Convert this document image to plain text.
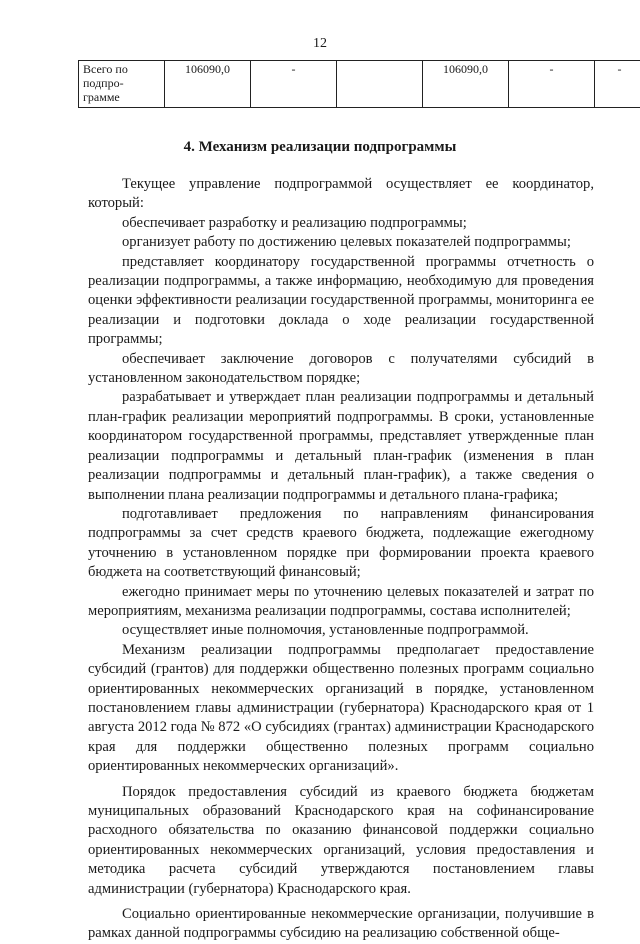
12
Всего по подпро-грамме	106090,0	-		106090,0	-	-
4. Механизм реализации подпрограммы

Текущее управление подпрограммой осуществляет ее координатор, который:

обеспечивает разработку и реализацию подпрограммы;

организует работу по достижению целевых показателей подпрограммы;

представляет координатору государственной программы отчетность о реализации подпрограммы, а также информацию, необходимую для проведения оценки эффективности реализации государственной программы, мониторинга ее реализации и подготовки доклада о ходе реализации государственной программы;

обеспечивает заключение договоров с получателями субсидий в установленном законодательством порядке;

разрабатывает и утверждает план реализации подпрограммы и детальный план-график реализации мероприятий подпрограммы. В сроки, установленные координатором государственной программы, представляет утвержденные план реализации подпрограммы и детальный план-график (изменения в план реализации подпрограммы и детальный план-график), а также сведения о выполнении плана реализации подпрограммы и детального плана-графика;

подготавливает предложения по направлениям финансирования подпрограммы за счет средств краевого бюджета, подлежащие ежегодному уточнению в установленном порядке при формировании проекта краевого бюджета на соответствующий финансовый;

ежегодно принимает меры по уточнению целевых показателей и затрат по мероприятиям, механизма реализации подпрограммы, состава исполнителей;

осуществляет иные полномочия, установленные подпрограммой.

Механизм реализации подпрограммы предполагает предоставление субсидий (грантов) для поддержки общественно полезных программ социально ориентированных некоммерческих организаций в порядке, установленном постановлением главы администрации (губернатора) Краснодарского края от 1 августа 2012 года № 872 «О субсидиях (грантах) администрации Краснодарского края для поддержки общественно полезных программ социально ориентированных некоммерческих организаций».

Порядок предоставления субсидий из краевого бюджета бюджетам муниципальных образований Краснодарского края на софинансирование расходного обязательства по оказанию финансовой поддержки социально ориентированных некоммерческих организаций, условия предоставления и методика расчета субсидий утверждаются постановлением главы администрации (губернатора) Краснодарского края.

Социально ориентированные некоммерческие организации, получившие в рамках данной подпрограммы субсидию на реализацию собственной обще-
